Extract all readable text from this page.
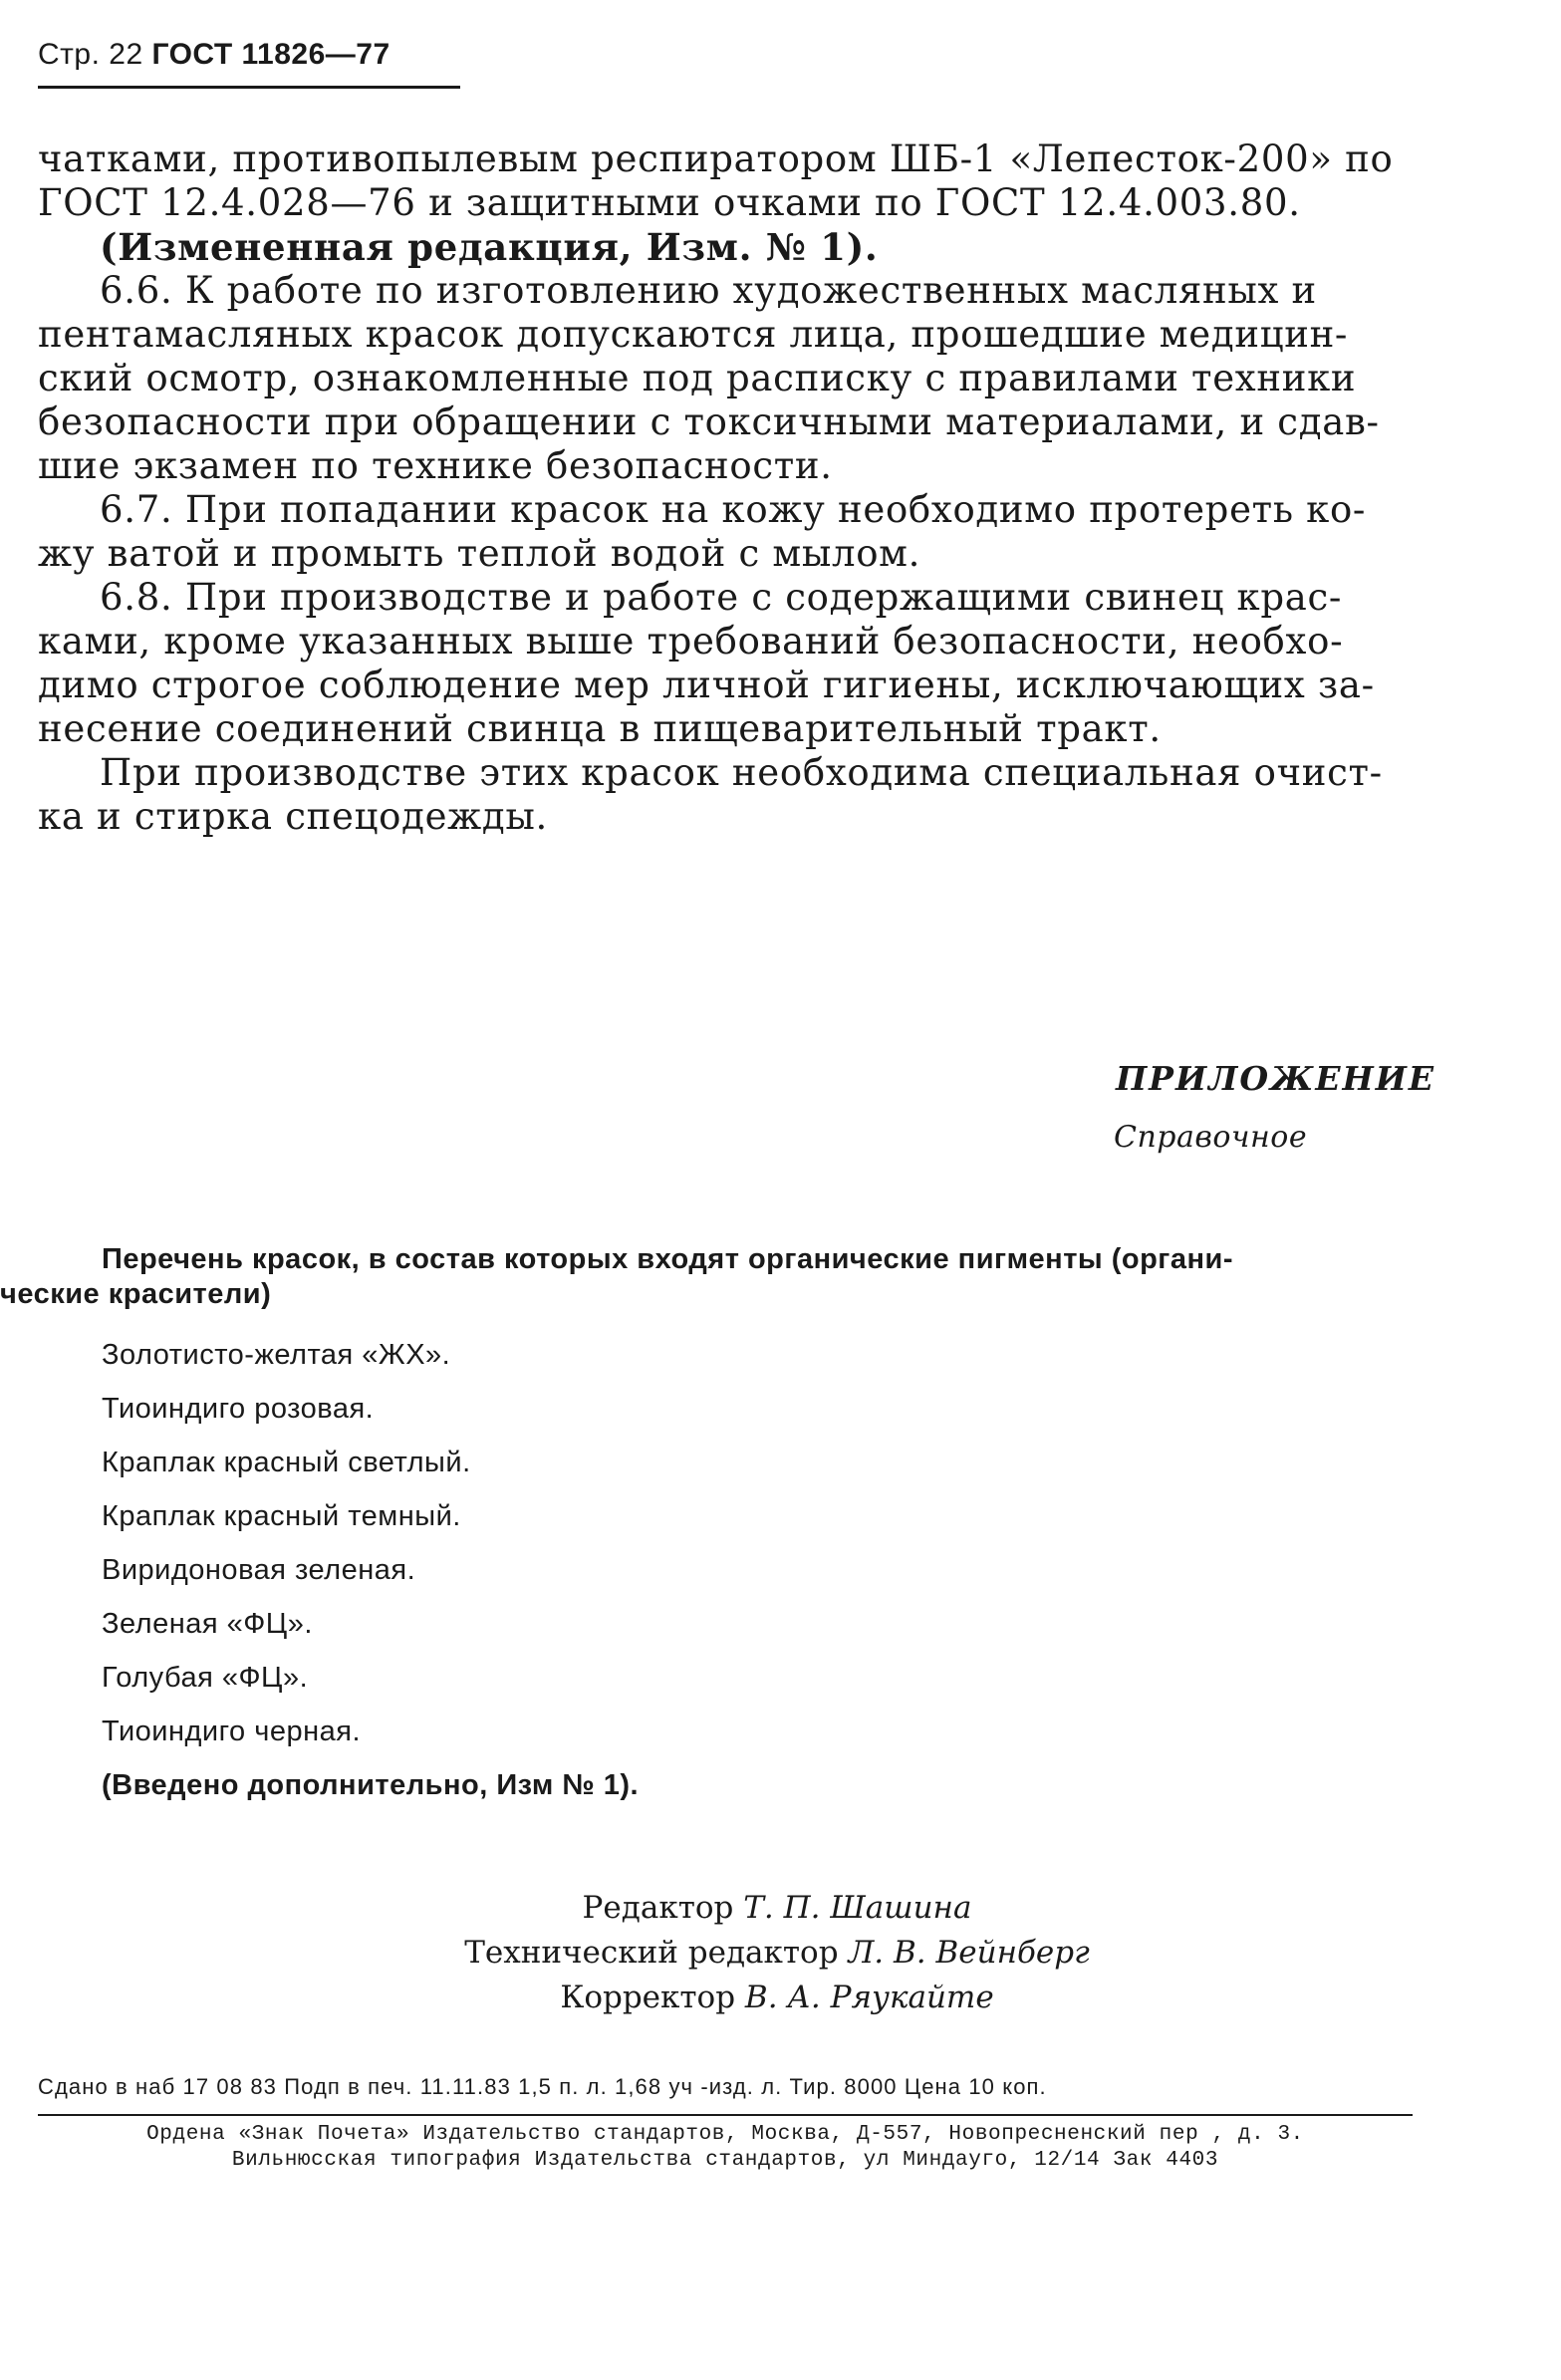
Стр. 22 ГОСТ 11826—77
чатками, противопылевым респиратором ШБ-1 «Лепесток-200» по
ГОСТ 12.4.028—76 и защитными очками по ГОСТ 12.4.003.80.
(Измененная редакция, Изм. № 1).
6.6. К работе по изготовлению художественных масляных и
пентамасляных красок допускаются лица, прошедшие медицин-
ский осмотр, ознакомленные под расписку с правилами техники
безопасности при обращении с токсичными материалами, и сдав-
шие экзамен по технике безопасности.
6.7. При попадании красок на кожу необходимо протереть ко-
жу ватой и промыть теплой водой с мылом.
6.8. При производстве и работе с содержащими свинец крас-
ками, кроме указанных выше требований безопасности, необхо-
димо строгое соблюдение мер личной гигиены, исключающих за-
несение соединений свинца в пищеварительный тракт.
При производстве этих красок необходима специальная очист-
ка и стирка спецодежды.
ПРИЛОЖЕНИЕ
Справочное
Перечень красок, в состав которых входят органические пигменты (органи-
ческие красители)
Золотисто-желтая «ЖХ».
Тиоиндиго розовая.
Краплак красный светлый.
Краплак красный темный.
Виридоновая зеленая.
Зеленая «ФЦ».
Голубая «ФЦ».
Тиоиндиго черная.
(Введено дополнительно, Изм № 1).
Редактор Т. П. Шашина
Технический редактор Л. В. Вейнберг
Корректор В. А. Ряукайте
Сдано в наб 17 08 83 Подп в печ. 11.11.83 1,5 п. л. 1,68 уч -изд. л. Тир. 8000 Цена 10 коп.
Ордена «Знак Почета» Издательство стандартов, Москва, Д-557, Новопресненский пер , д. 3.
Вильнюсская типография Издательства стандартов, ул Миндауго, 12/14 Зак 4403
